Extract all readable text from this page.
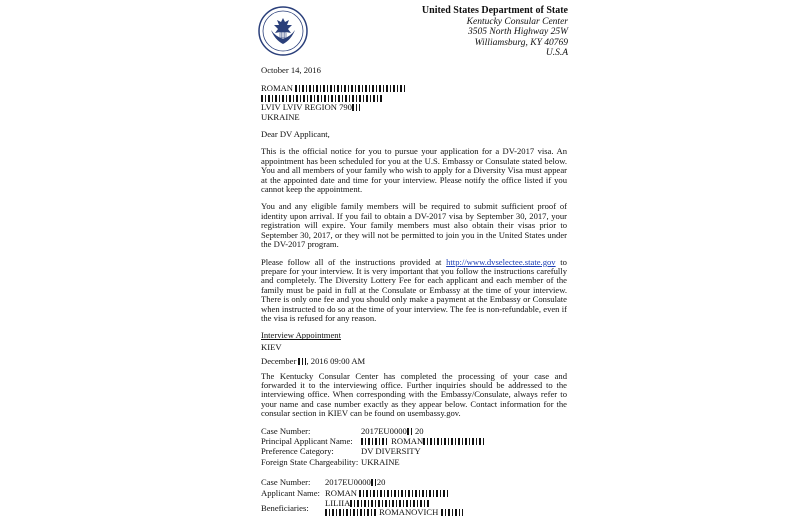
United States Department of State
Kentucky Consular Center
3505 North Highway 25W
Williamsburg, KY 40769
U.S.A
October 14, 2016
ROMAN
LVIV LVIV REGION 790
UKRAINE

Dear DV Applicant,

This is the official notice for you to pursue your application for a DV-2017 visa. An appointment has been scheduled for you at the U.S. Embassy or Consulate stated below. You and all members of your family who wish to apply for a Diversity Visa must appear at the appointed date and time for your interview. Please notify the office listed if you cannot keep the appointment.

You and any eligible family members will be required to submit sufficient proof of identity upon arrival. If you fail to obtain a DV-2017 visa by September 30, 2017, your registration will expire. Your family members must also obtain their visas prior to September 30, 2017, or they will not be permitted to join you in the United States under the DV-2017 program.

Please follow all of the instructions provided at http://www.dvselectee.state.gov to prepare for your interview. It is very important that you follow the instructions carefully and completely. The Diversity Lottery Fee for each applicant and each member of the family must be paid in full at the Consulate or Embassy at the time of your interview. There is only one fee and you should only make a payment at the Embassy or Consulate when instructed to do so at the time of your interview. The fee is non-refundable, even if the visa is refused for any reason.

Interview Appointment
KIEV
December , 2016 09:00 AM

The Kentucky Consular Center has completed the processing of your case and forwarded it to the interviewing office. Further inquiries should be addressed to the interviewing office. When corresponding with the Embassy/Consulate, always refer to your name and case number exactly as they appear below. Contact information for the consular section in KIEV can be found on usembassy.gov.

Case Number:	2017EU0000 20
Principal Applicant Name:	ROMAN
Preference Category:	DV DIVERSITY
Foreign State Chargeability:	UKRAINE
Case Number:	2017EU0000 20
Applicant Name:	ROMAN
Beneficiaries:	LILIIA
ROMANOVICH
